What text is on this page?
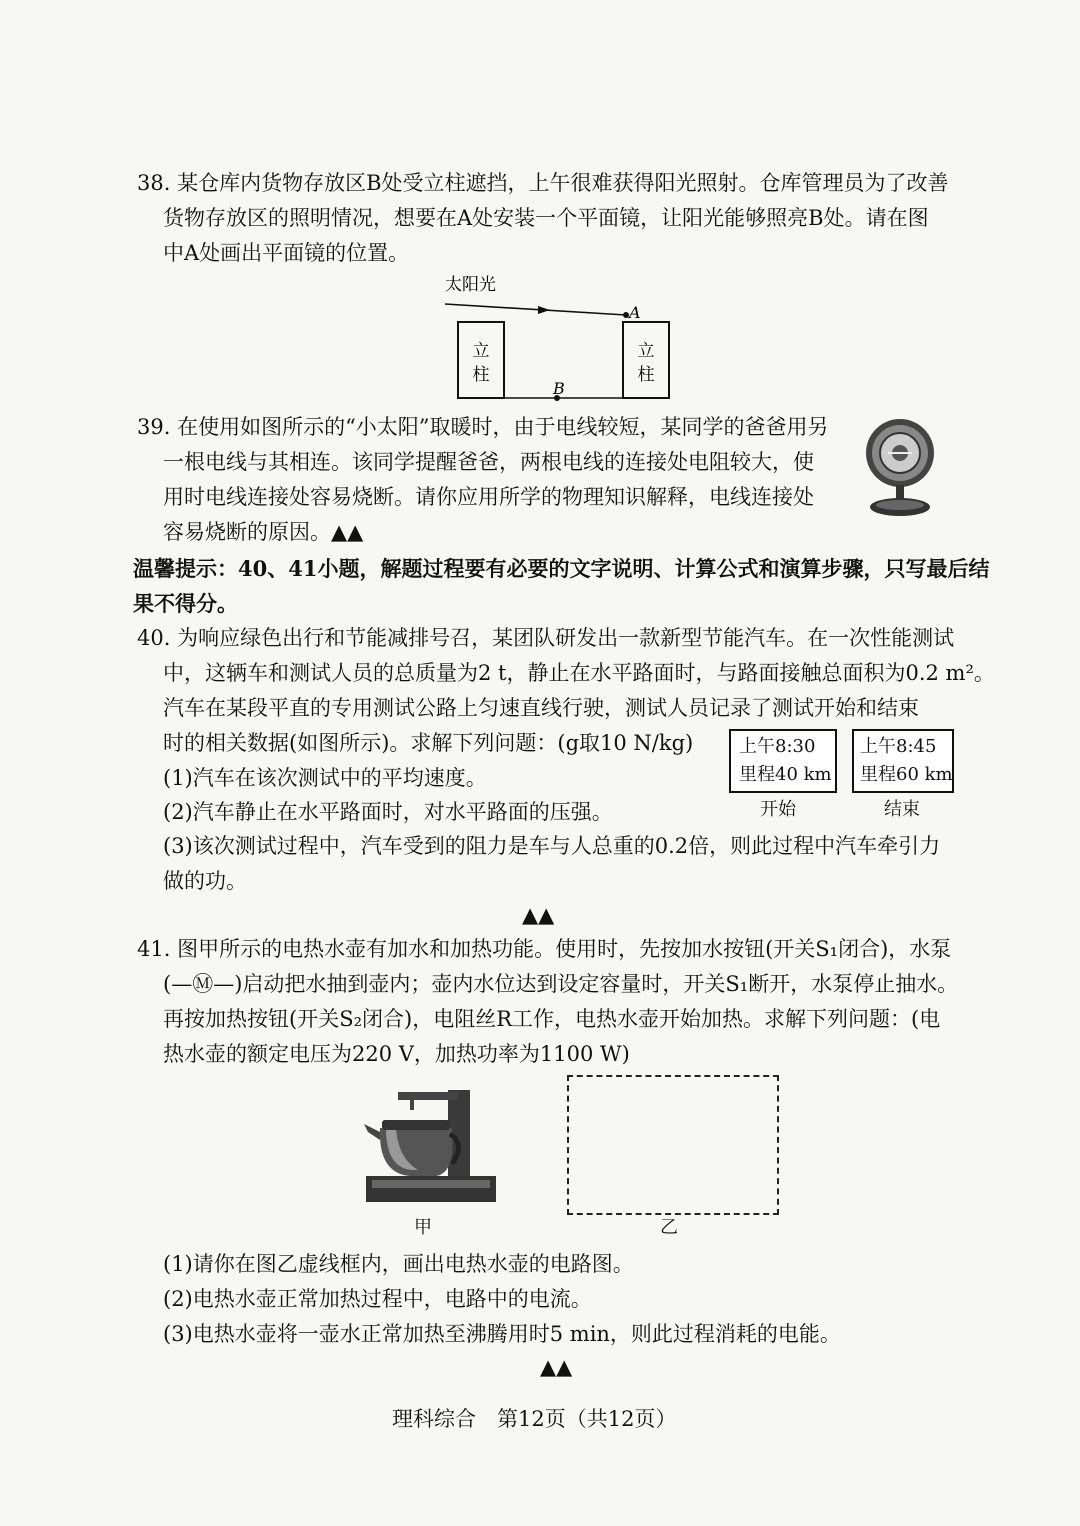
38. 某仓库内货物存放区B处受立柱遮挡，上午很难获得阳光照射。仓库管理员为了改善
货物存放区的照明情况，想要在A处安装一个平面镜，让阳光能够照亮B处。请在图
中A处画出平面镜的位置。
太阳光
A
立
柱
立
柱
B
39. 在使用如图所示的“小太阳”取暖时，由于电线较短，某同学的爸爸用另
一根电线与其相连。该同学提醒爸爸，两根电线的连接处电阻较大，使
用时电线连接处容易烧断。请你应用所学的物理知识解释，电线连接处
容易烧断的原因。▲▲
温馨提示：40、41小题，解题过程要有必要的文字说明、计算公式和演算步骤，只写最后结
果不得分。
40. 为响应绿色出行和节能减排号召，某团队研发出一款新型节能汽车。在一次性能测试
中，这辆车和测试人员的总质量为2 t，静止在水平路面时，与路面接触总面积为0.2 m²。
汽车在某段平直的专用测试公路上匀速直线行驶，测试人员记录了测试开始和结束
时的相关数据(如图所示)。求解下列问题：(g取10 N/kg)
(1)汽车在该次测试中的平均速度。
(2)汽车静止在水平路面时，对水平路面的压强。
(3)该次测试过程中，汽车受到的阻力是车与人总重的0.2倍，则此过程中汽车牵引力
做的功。
上午8:30
里程40 km
开始
上午8:45
里程60 km
结束
▲▲
41. 图甲所示的电热水壶有加水和加热功能。使用时，先按加水按钮(开关S₁闭合)，水泵
(—Ⓜ—)启动把水抽到壶内；壶内水位达到设定容量时，开关S₁断开，水泵停止抽水。
再按加热按钮(开关S₂闭合)，电阻丝R工作，电热水壶开始加热。求解下列问题：(电
热水壶的额定电压为220 V，加热功率为1100 W)
甲	乙
(1)请你在图乙虚线框内，画出电热水壶的电路图。
(2)电热水壶正常加热过程中，电路中的电流。
(3)电热水壶将一壶水正常加热至沸腾用时5 min，则此过程消耗的电能。
▲▲
理科综合　第12页（共12页）
